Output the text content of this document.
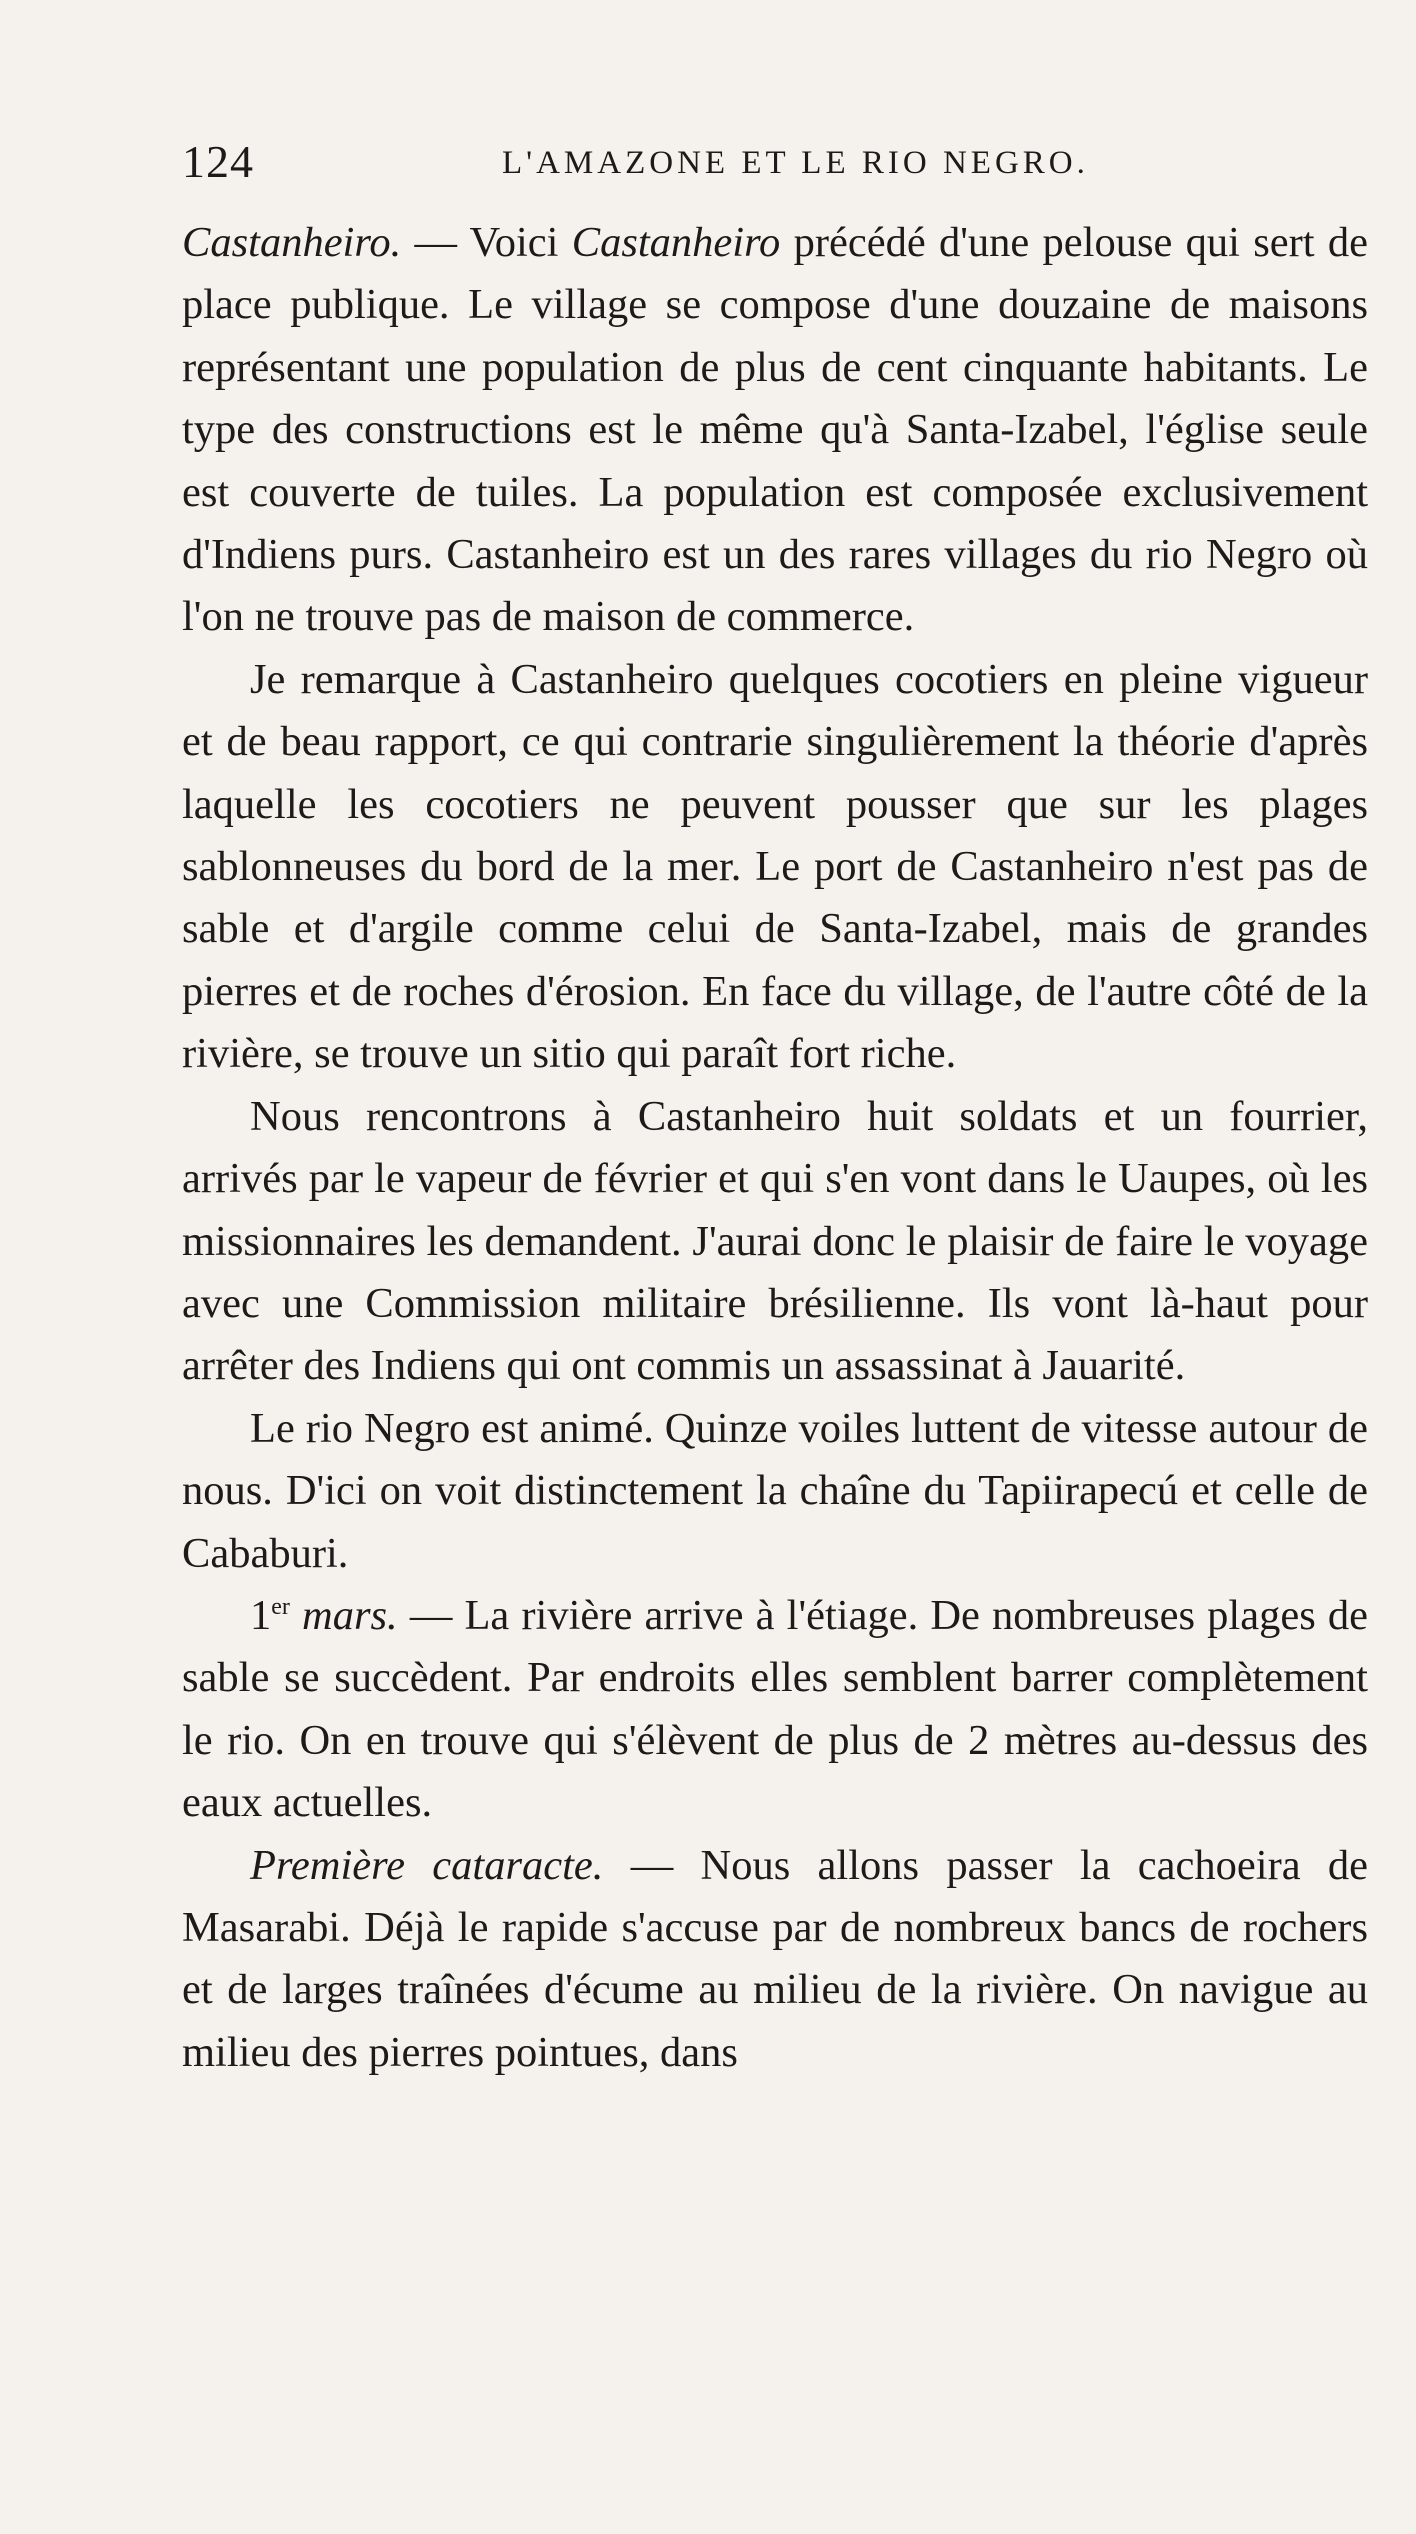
124	L'AMAZONE ET LE RIO NEGRO.

Castanheiro. — Voici Castanheiro précédé d'une pelouse qui sert de place publique. Le village se compose d'une douzaine de maisons représentant une population de plus de cent cinquante habitants. Le type des constructions est le même qu'à Santa-Izabel, l'église seule est couverte de tuiles. La population est composée exclusivement d'Indiens purs. Castanheiro est un des rares villages du rio Negro où l'on ne trouve pas de maison de commerce.

Je remarque à Castanheiro quelques cocotiers en pleine vigueur et de beau rapport, ce qui contrarie singulièrement la théorie d'après laquelle les cocotiers ne peuvent pousser que sur les plages sablonneuses du bord de la mer. Le port de Castanheiro n'est pas de sable et d'argile comme celui de Santa-Izabel, mais de grandes pierres et de roches d'érosion. En face du village, de l'autre côté de la rivière, se trouve un sitio qui paraît fort riche.

Nous rencontrons à Castanheiro huit soldats et un fourrier, arrivés par le vapeur de février et qui s'en vont dans le Uaupes, où les missionnaires les demandent. J'aurai donc le plaisir de faire le voyage avec une Commission militaire brésilienne. Ils vont là-haut pour arrêter des Indiens qui ont commis un assassinat à Jauarité.

Le rio Negro est animé. Quinze voiles luttent de vitesse autour de nous. D'ici on voit distinctement la chaîne du Tapiirapecú et celle de Cababuri.

1er mars. — La rivière arrive à l'étiage. De nombreuses plages de sable se succèdent. Par endroits elles semblent barrer complètement le rio. On en trouve qui s'élèvent de plus de 2 mètres au-dessus des eaux actuelles.

Première cataracte. — Nous allons passer la cachoeira de Masarabi. Déjà le rapide s'accuse par de nombreux bancs de rochers et de larges traînées d'écume au milieu de la rivière. On navigue au milieu des pierres pointues, dans
